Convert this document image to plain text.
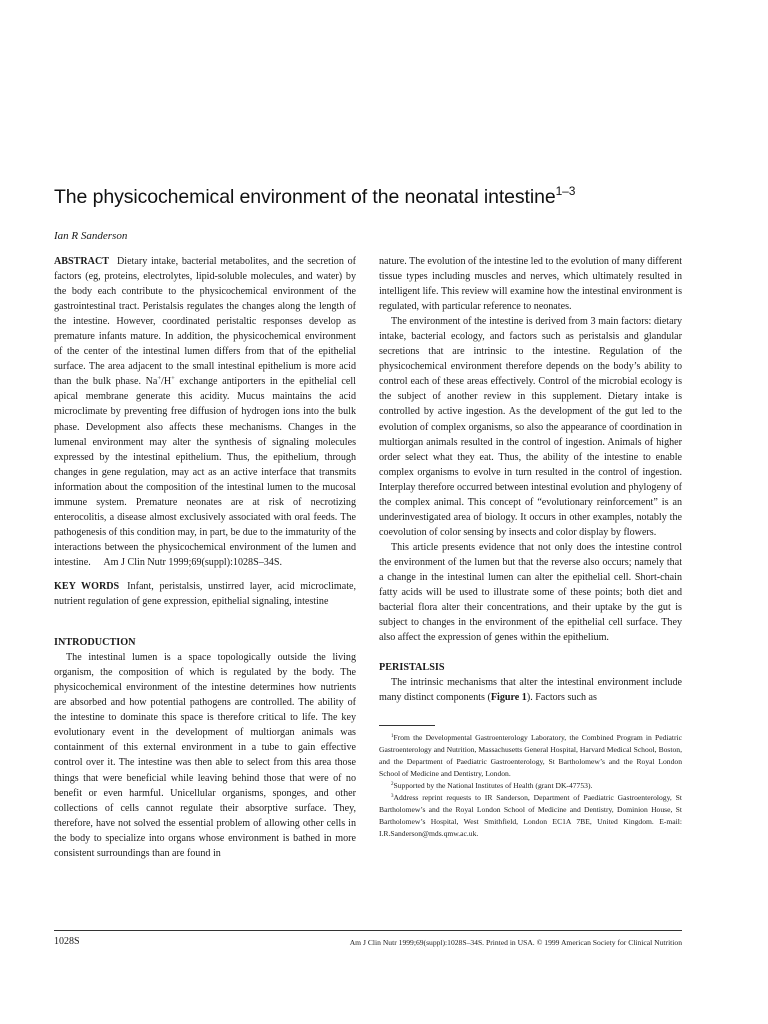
The physicochemical environment of the neonatal intestine$^{1-3}$
Ian R Sanderson

ABSTRACT Dietary intake, bacterial metabolites, and the secretion of factors (eg, proteins, electrolytes, lipid-soluble molecules, and water) by the body each contribute to the physicochemical environment of the gastrointestinal tract. Peristalsis regulates the changes along the length of the intestine. However, coordinated peristaltic responses develop as premature infants mature. In addition, the physicochemical environment of the center of the intestinal lumen differs from that of the epithelial surface. The area adjacent to the small intestinal epithelium is more acid than the bulk phase. Na+/H+ exchange antiporters in the epithelial cell apical membrane generate this acidity. Mucus maintains the acid microclimate by preventing free diffusion of hydrogen ions into the bulk phase. Development also affects these mechanisms. Changes in the lumenal environment may alter the synthesis of signaling molecules expressed by the intestinal epithelium. Thus, the epithelium, through changes in gene regulation, may act as an active interface that transmits information about the composition of the intestinal lumen to the mucosal immune system. Premature neonates are at risk of necrotizing enterocolitis, a disease almost exclusively associated with oral feeds. The pathogenesis of this condition may, in part, be due to the immaturity of the interactions between the physicochemical environment of the lumen and intestine. Am J Clin Nutr 1999;69(suppl):1028S–34S.

KEY WORDS Infant, peristalsis, unstirred layer, acid microclimate, nutrient regulation of gene expression, epithelial signaling, intestine

INTRODUCTION

The intestinal lumen is a space topologically outside the living organism, the composition of which is regulated by the body. The physicochemical environment of the intestine determines how nutrients are absorbed and how potential pathogens are controlled. The ability of the intestine to dominate this space is therefore critical to life. The key evolutionary event in the development of multiorgan animals was containment of this external environment in a tube to gain effective control over it. The intestine was then able to select from this area those things that were beneficial while leaving behind those that were of no benefit or even harmful. Unicellular organisms, sponges, and other collections of cells cannot regulate their absorptive surface. They, therefore, have not solved the essential problem of allowing other cells in the body to specialize into organs whose environment is bathed in more consistent surroundings than are found in

nature. The evolution of the intestine led to the evolution of many different tissue types including muscles and nerves, which ultimately resulted in intelligent life. This review will examine how the intestinal environment is regulated, with particular reference to neonates.

The environment of the intestine is derived from 3 main factors: dietary intake, bacterial ecology, and factors such as peristalsis and glandular secretions that are intrinsic to the intestine. Regulation of the physicochemical environment therefore depends on the body’s ability to control each of these areas effectively. Control of the microbial ecology is the subject of another review in this supplement. Dietary intake is controlled by active ingestion. As the development of the gut led to the evolution of complex organisms, so also the appearance of coordination in multiorgan animals resulted in the control of ingestion. Animals of higher order select what they eat. Thus, the ability of the intestine to enable complex organisms to evolve in turn resulted in the control of ingestion. Interplay therefore occurred between intestinal evolution and phylogeny of the complex animal. This concept of “evolutionary reinforcement” is an underinvestigated area of biology. It occurs in other examples, notably the coevolution of color sensing by insects and color display by flowers.

This article presents evidence that not only does the intestine control the environment of the lumen but that the reverse also occurs; namely that a change in the intestinal lumen can alter the epithelial cell. Short-chain fatty acids will be used to illustrate some of these points; both diet and bacterial flora alter their concentrations, and their uptake by the gut is subject to changes in the environment of the epithelial cell surface. They also affect the expression of genes within the epithelium.

PERISTALSIS

The intrinsic mechanisms that alter the intestinal environment include many distinct components (Figure 1). Factors such as

$^1$From the Developmental Gastroenterology Laboratory, the Combined Program in Pediatric Gastroenterology and Nutrition, Massachusetts General Hospital, Harvard Medical School, Boston, and the Department of Paediatric Gastroenterology, St Bartholomew’s and the Royal London School of Medicine and Dentistry, London.

$^2$Supported by the National Institutes of Health (grant DK-47753).

$^3$Address reprint requests to IR Sanderson, Department of Paediatric Gastroenterology, St Bartholomew’s and the Royal London School of Medicine and Dentistry, Dominion House, St Bartholomew’s Hospital, West Smithfield, London EC1A 7BE, United Kingdom. E-mail: I.R.Sanderson@mds.qmw.ac.uk.

1028S	Am J Clin Nutr 1999;69(suppl):1028S–34S. Printed in USA. © 1999 American Society for Clinical Nutrition
